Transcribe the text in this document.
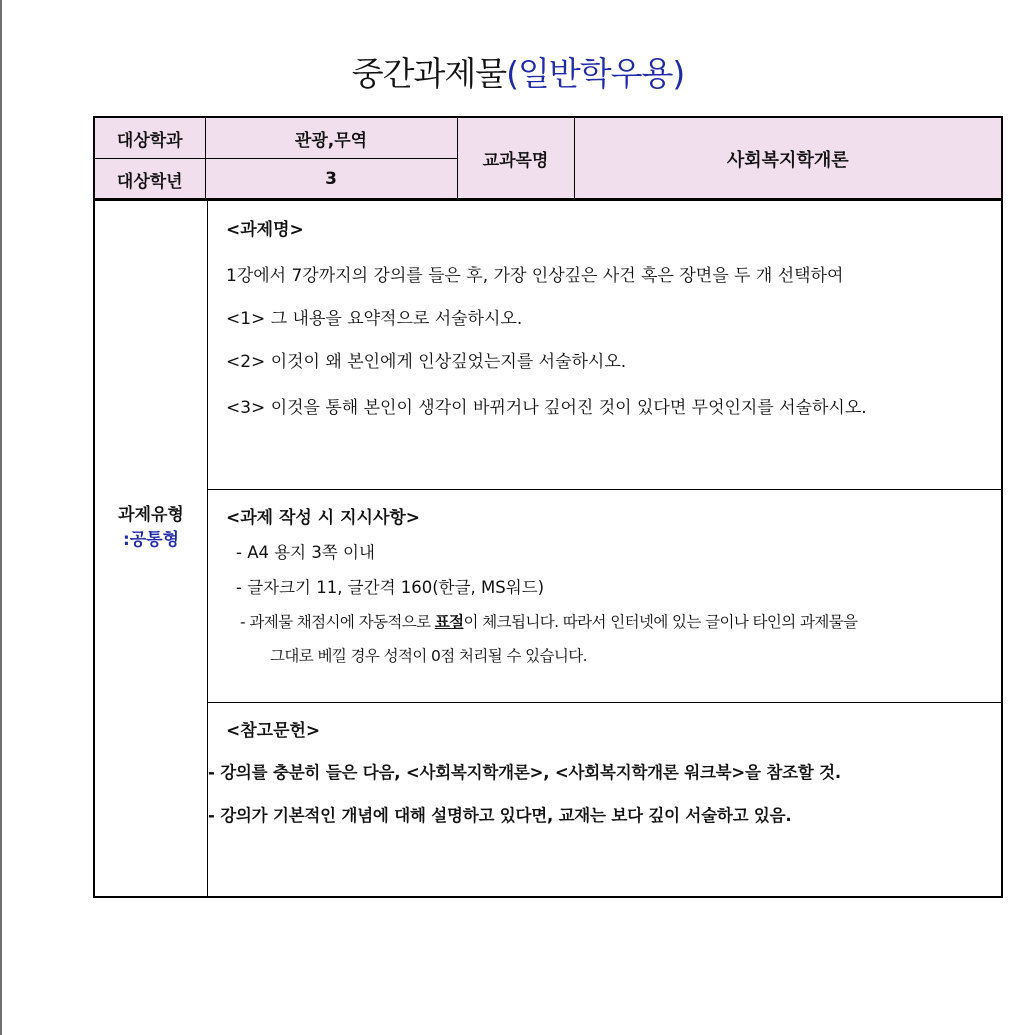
중간과제물(일반학우용)
대상학과	관광,무역	교과목명	사회복지학개론
대상학년	3		
과제유형
:공통형
<과제명>
1강에서 7강까지의 강의를 들은 후, 가장 인상깊은 사건 혹은 장면을 두 개 선택하여
<1> 그 내용을 요약적으로 서술하시오.
<2> 이것이 왜 본인에게 인상깊었는지를 서술하시오.
<3> 이것을 통해 본인이 생각이 바뀌거나 깊어진 것이 있다면 무엇인지를 서술하시오.
<과제 작성 시 지시사항>
- A4 용지 3쪽 이내
- 글자크기 11, 글간격 160(한글, MS워드)
- 과제물 채점시에 자동적으로 표절이 체크됩니다. 따라서 인터넷에 있는 글이나 타인의 과제물을
그대로 베낄 경우 성적이 0점 처리될 수 있습니다.
<참고문헌>
- 강의를 충분히 들은 다음, <사회복지학개론>, <사회복지학개론 워크북>을 참조할 것.
- 강의가 기본적인 개념에 대해 설명하고 있다면, 교재는 보다 깊이 서술하고 있음.
